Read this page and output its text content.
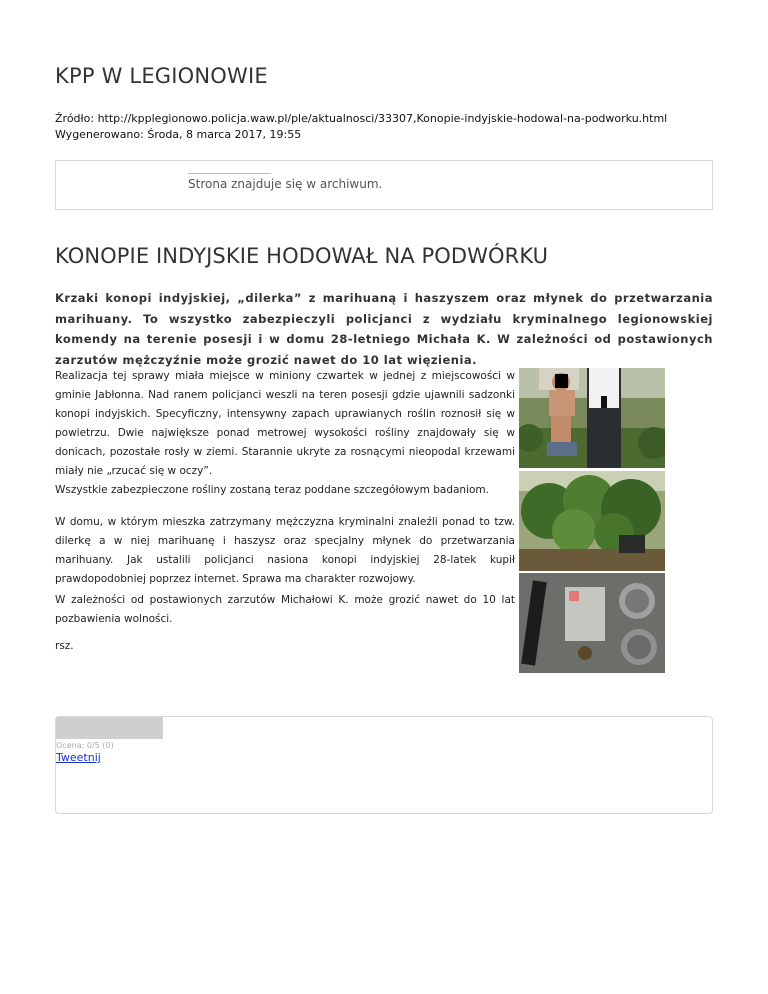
KPP W LEGIONOWIE
Źródło: http://kpplegionowo.policja.waw.pl/ple/aktualnosci/33307,Konopie-indyjskie-hodowal-na-podworku.html
Wygenerowano: Środa, 8 marca 2017, 19:55
Strona znajduje się w archiwum.
KONOPIE INDYJSKIE HODOWAŁ NA PODWÓRKU

Krzaki konopi indyjskiej, „dilerka” z marihuaną i haszyszem oraz młynek do przetwarzania marihuany. To wszystko zabezpieczyli policjanci z wydziału kryminalnego legionowskiej komendy na terenie posesji i w domu 28-letniego Michała K. W zależności od postawionych zarzutów mężczyźnie może grozić nawet do 10 lat więzienia.

Realizacja tej sprawy miała miejsce w miniony czwartek w jednej z miejscowości w gminie Jabłonna. Nad ranem policjanci weszli na teren posesji gdzie ujawnili sadzonki konopi indyjskich. Specyficzny, intensywny zapach uprawianych roślin roznosił się w powietrzu. Dwie największe ponad metrowej wysokości rośliny znajdowały się w donicach, pozostałe rosły w ziemi. Starannie ukryte za rosnącymi nieopodal krzewami miały nie „rzucać się w oczy”.

Wszystkie zabezpieczone rośliny zostaną teraz poddane szczegółowym badaniom.

W domu, w którym mieszka zatrzymany mężczyzna kryminalni znaleźli ponad to tzw. dilerkę a w niej marihuanę i haszysz oraz specjalny młynek do przetwarzania marihuany. Jak ustalili policjanci nasiona konopi indyjskiej 28-latek kupił prawdopodobniej poprzez internet. Sprawa ma charakter rozwojowy.

W zależności od postawionych zarzutów Michałowi K. może grozić nawet do 10 lat pozbawienia wolności.

rsz.

Ocena: 0/5 (0)
Tweetnij
